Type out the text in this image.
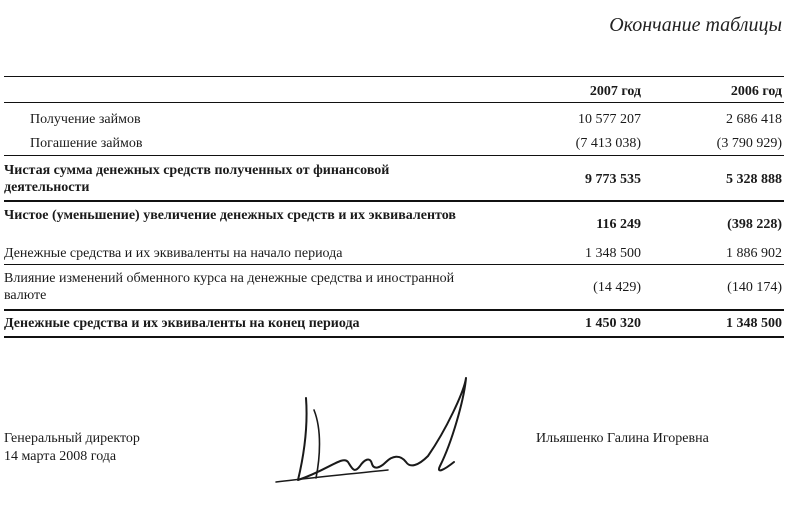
Окончание таблицы
2007 год	2006 год
Получение займов	10 577 207	2 686 418
Погашение займов	(7 413 038)	(3 790 929)
Чистая сумма денежных средств полученных от финансовой деятельности
9 773 535	5 328 888
Чистое (уменьшение) увеличение денежных средств и их эквивалентов
116 249	(398 228)
Денежные средства и их эквиваленты на начало периода	1 348 500	1 886 902
Влияние изменений обменного курса на денежные средства и иностранной валюте
(14 429)	(140 174)
Денежные средства и их эквиваленты на конец периода	1 450 320	1 348 500
Генеральный директор
14 марта 2008 года
Ильяшенко Галина Игоревна
